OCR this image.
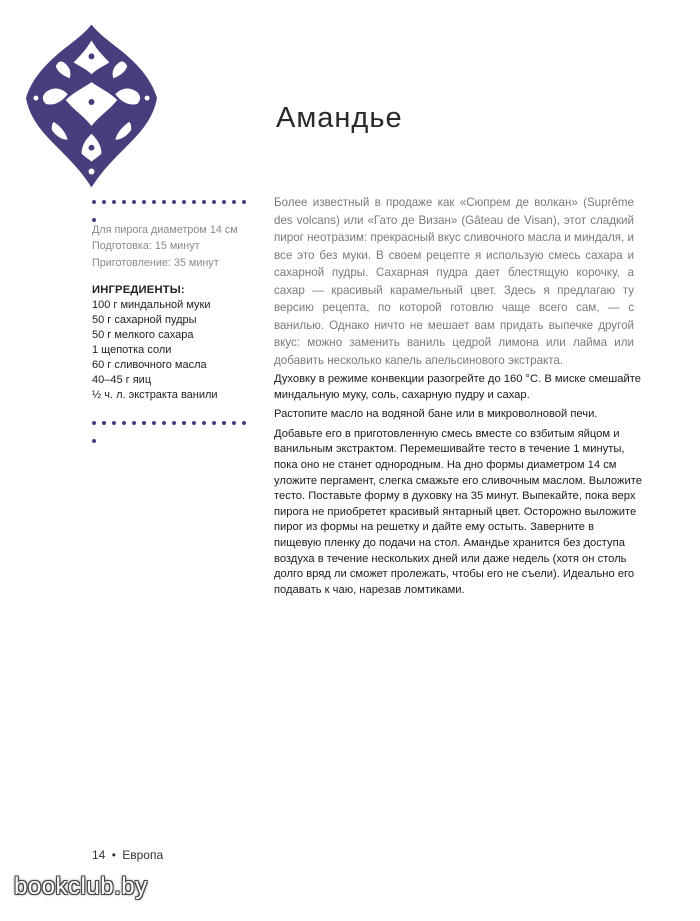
Для пирога диаметром 14 см
Подготовка: 15 минут
Приготовление: 35 минут
ИНГРЕДИЕНТЫ:
100 г миндальной муки
50 г сахарной пудры
50 г мелкого сахара
1 щепотка соли
60 г сливочного масла
40–45 г яиц
½ ч. л. экстракта ванили
Амандье

Более известный в продаже как «Сюпрем де волкан» (Suprême des volcans) или «Гато де Визан» (Gâteau de Visan), этот сладкий пирог неотразим: прекрасный вкус сливочного масла и миндаля, и все это без муки. В своем рецепте я использую смесь сахара и сахарной пудры. Сахарная пудра дает блестящую корочку, а сахар — красивый карамельный цвет. Здесь я предлагаю ту версию рецепта, по которой готовлю чаще всего сам, — с ванилью. Однако ничто не мешает вам придать выпечке другой вкус: можно заменить ваниль цедрой лимона или лайма или добавить несколько капель апельсинового экстракта.

Духовку в режиме конвекции разогрейте до 160 °С. В миске смешайте миндальную муку, соль, сахарную пудру и сахар.

Растопите масло на водяной бане или в микроволновой печи.

Добавьте его в приготовленную смесь вместе со взбитым яйцом и ванильным экстрактом. Перемешивайте тесто в течение 1 минуты, пока оно не станет однородным. На дно формы диаметром 14 см уложите пергамент, слегка смажьте его сливочным маслом. Выложите тесто. Поставьте форму в духовку на 35 минут. Выпекайте, пока верх пирога не приобретет красивый янтарный цвет. Осторожно выложите пирог из формы на решетку и дайте ему остыть. Заверните в пищевую пленку до подачи на стол. Амандье хранится без доступа воздуха в течение нескольких дней или даже недель (хотя он столь долго вряд ли сможет пролежать, чтобы его не съели). Идеально его подавать к чаю, нарезав ломтиками.

14 • Европа
bookclub.by
